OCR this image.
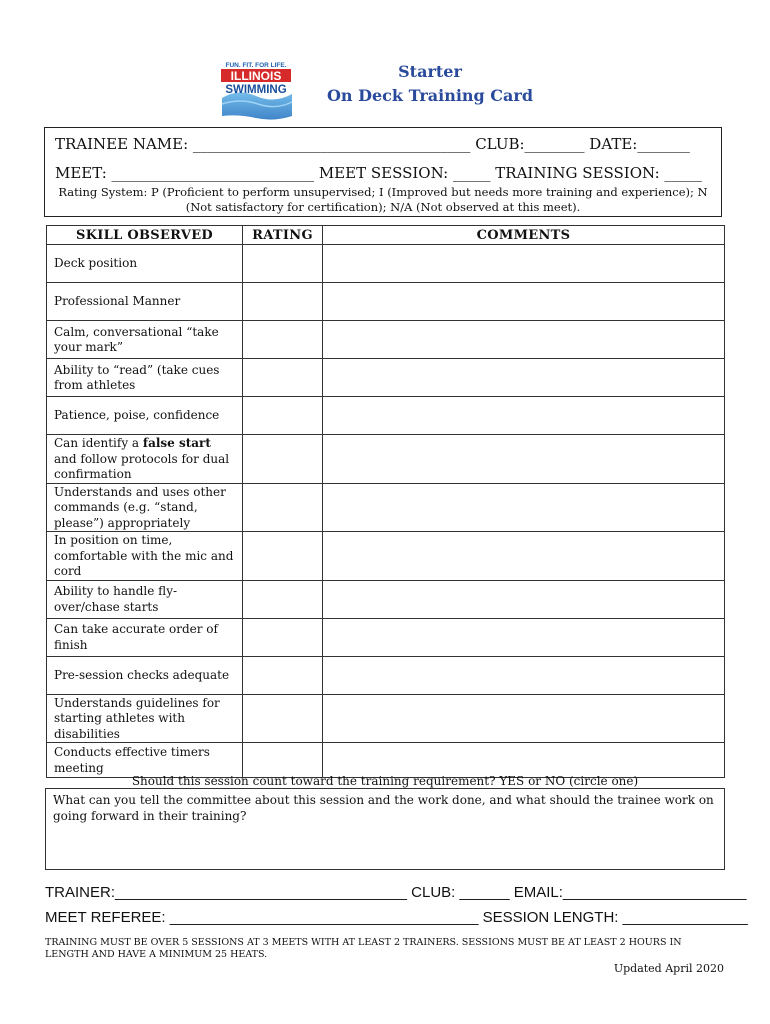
FUN. FIT. FOR LIFE.
ILLINOIS
SWIMMING
Starter
On Deck Training Card
TRAINEE NAME: _____________________________________ CLUB:________ DATE:_______
MEET: ___________________________ MEET SESSION: _____ TRAINING SESSION: _____
Rating System: P (Proficient to perform unsupervised; I (Improved but needs more training and experience); N (Not satisfactory for certification); N/A (Not observed at this meet).
SKILL OBSERVED	RATING	COMMENTS
Deck position		
Professional Manner		
Calm, conversational “take your mark”		
Ability to “read” (take cues from athletes		
Patience, poise, confidence		
Can identify a false start and follow protocols for dual confirmation		
Understands and uses other commands (e.g. “stand, please”) appropriately		
In position on time, comfortable with the mic and cord		
Ability to handle fly-over/chase starts		
Can take accurate order of finish		
Pre-session checks adequate		
Understands guidelines for starting athletes with disabilities		
Conducts effective timers meeting		
Should this session count toward the training requirement? YES or NO (circle one)
What can you tell the committee about this session and the work done, and what should the trainee work on going forward in their training?
TRAINER:___________________________________ CLUB: ______ EMAIL:______________________
MEET REFEREE: _____________________________________ SESSION LENGTH: _______________
TRAINING MUST BE OVER 5 SESSIONS AT 3 MEETS WITH AT LEAST 2 TRAINERS. SESSIONS MUST BE AT LEAST 2 HOURS IN LENGTH AND HAVE A MINIMUM 25 HEATS.
Updated April 2020
